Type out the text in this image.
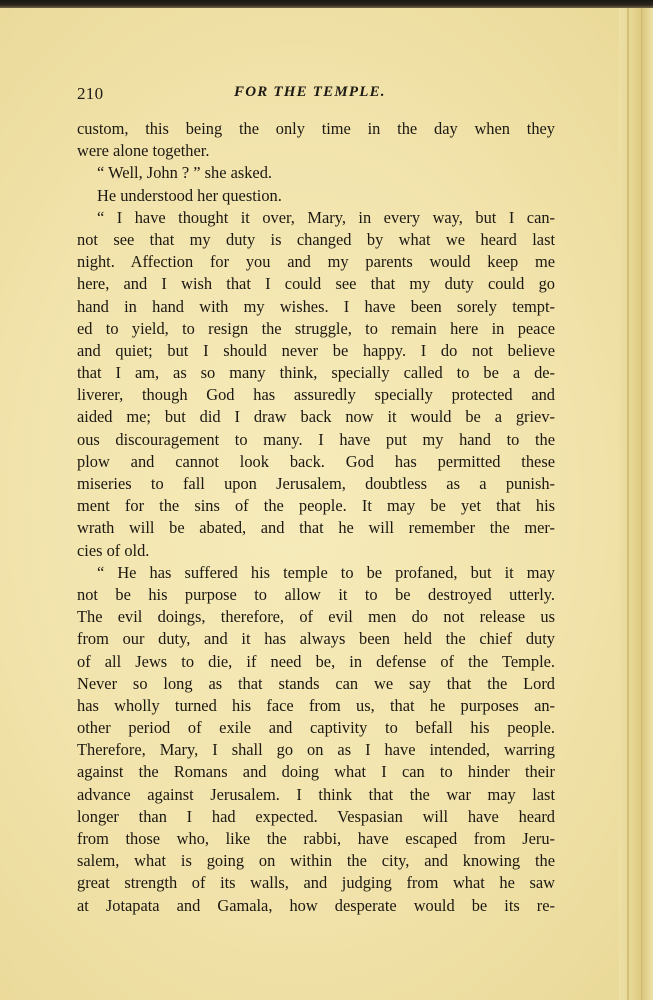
210	FOR THE TEMPLE.
custom, this being the only time in the day when they
were alone together.
“ Well, John ? ” she asked.
He understood her question.
“ I have thought it over, Mary, in every way, but I can-
not see that my duty is changed by what we heard last
night. Affection for you and my parents would keep me
here, and I wish that I could see that my duty could go
hand in hand with my wishes. I have been sorely tempt-
ed to yield, to resign the struggle, to remain here in peace
and quiet; but I should never be happy. I do not believe
that I am, as so many think, specially called to be a de-
liverer, though God has assuredly specially protected and
aided me; but did I draw back now it would be a griev-
ous discouragement to many. I have put my hand to the
plow and cannot look back. God has permitted these
miseries to fall upon Jerusalem, doubtless as a punish-
ment for the sins of the people. It may be yet that his
wrath will be abated, and that he will remember the mer-
cies of old.
“ He has suffered his temple to be profaned, but it may
not be his purpose to allow it to be destroyed utterly.
The evil doings, therefore, of evil men do not release us
from our duty, and it has always been held the chief duty
of all Jews to die, if need be, in defense of the Temple.
Never so long as that stands can we say that the Lord
has wholly turned his face from us, that he purposes an-
other period of exile and captivity to befall his people.
Therefore, Mary, I shall go on as I have intended, warring
against the Romans and doing what I can to hinder their
advance against Jerusalem. I think that the war may last
longer than I had expected. Vespasian will have heard
from those who, like the rabbi, have escaped from Jeru-
salem, what is going on within the city, and knowing the
great strength of its walls, and judging from what he saw
at Jotapata and Gamala, how desperate would be its re-
